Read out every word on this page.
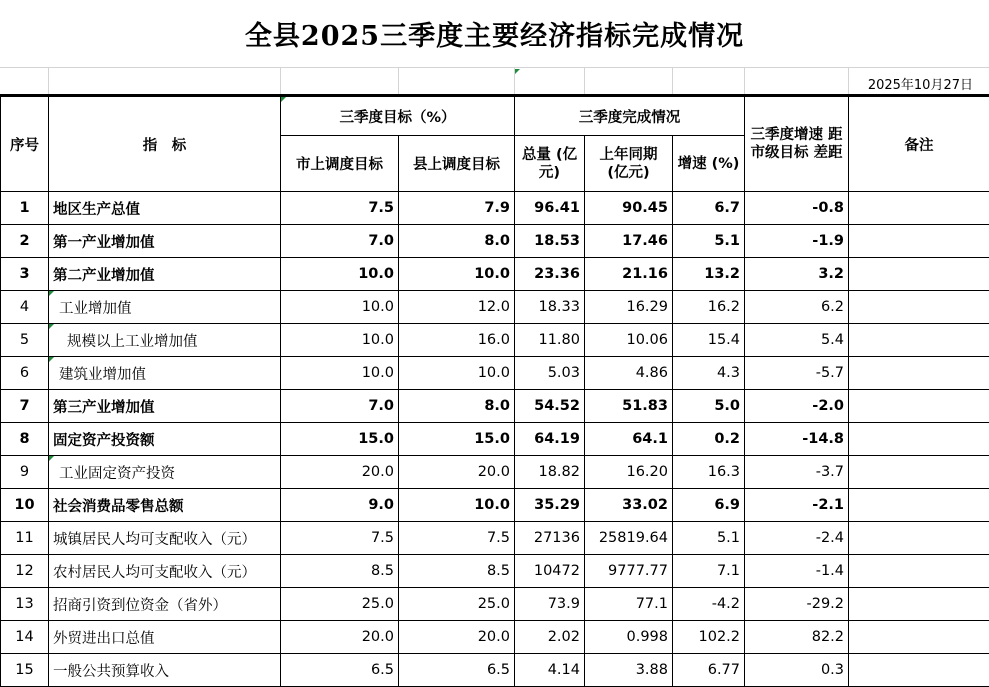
全县2025三季度主要经济指标完成情况
2025年10月27日
序号	指　标	三季度目标（%）		三季度完成情况			三季度增速 距市级目标 差距	备注
		市上调度目标	县上调度目标	总量 (亿元)	上年同期 (亿元)	增速 (%)		
1	地区生产总值	7.5	7.9	96.41	90.45	6.7	-0.8	
2	第一产业增加值	7.0	8.0	18.53	17.46	5.1	-1.9	
3	第二产业增加值	10.0	10.0	23.36	21.16	13.2	3.2	
4	工业增加值	10.0	12.0	18.33	16.29	16.2	6.2	
5	规模以上工业增加值	10.0	16.0	11.80	10.06	15.4	5.4	
6	建筑业增加值	10.0	10.0	5.03	4.86	4.3	-5.7	
7	第三产业增加值	7.0	8.0	54.52	51.83	5.0	-2.0	
8	固定资产投资额	15.0	15.0	64.19	64.1	0.2	-14.8	
9	工业固定资产投资	20.0	20.0	18.82	16.20	16.3	-3.7	
10	社会消费品零售总额	9.0	10.0	35.29	33.02	6.9	-2.1	
11	城镇居民人均可支配收入（元）	7.5	7.5	27136	25819.64	5.1	-2.4	
12	农村居民人均可支配收入（元）	8.5	8.5	10472	9777.77	7.1	-1.4	
13	招商引资到位资金（省外）	25.0	25.0	73.9	77.1	-4.2	-29.2	
14	外贸进出口总值	20.0	20.0	2.02	0.998	102.2	82.2	
15	一般公共预算收入	6.5	6.5	4.14	3.88	6.77	0.3	
